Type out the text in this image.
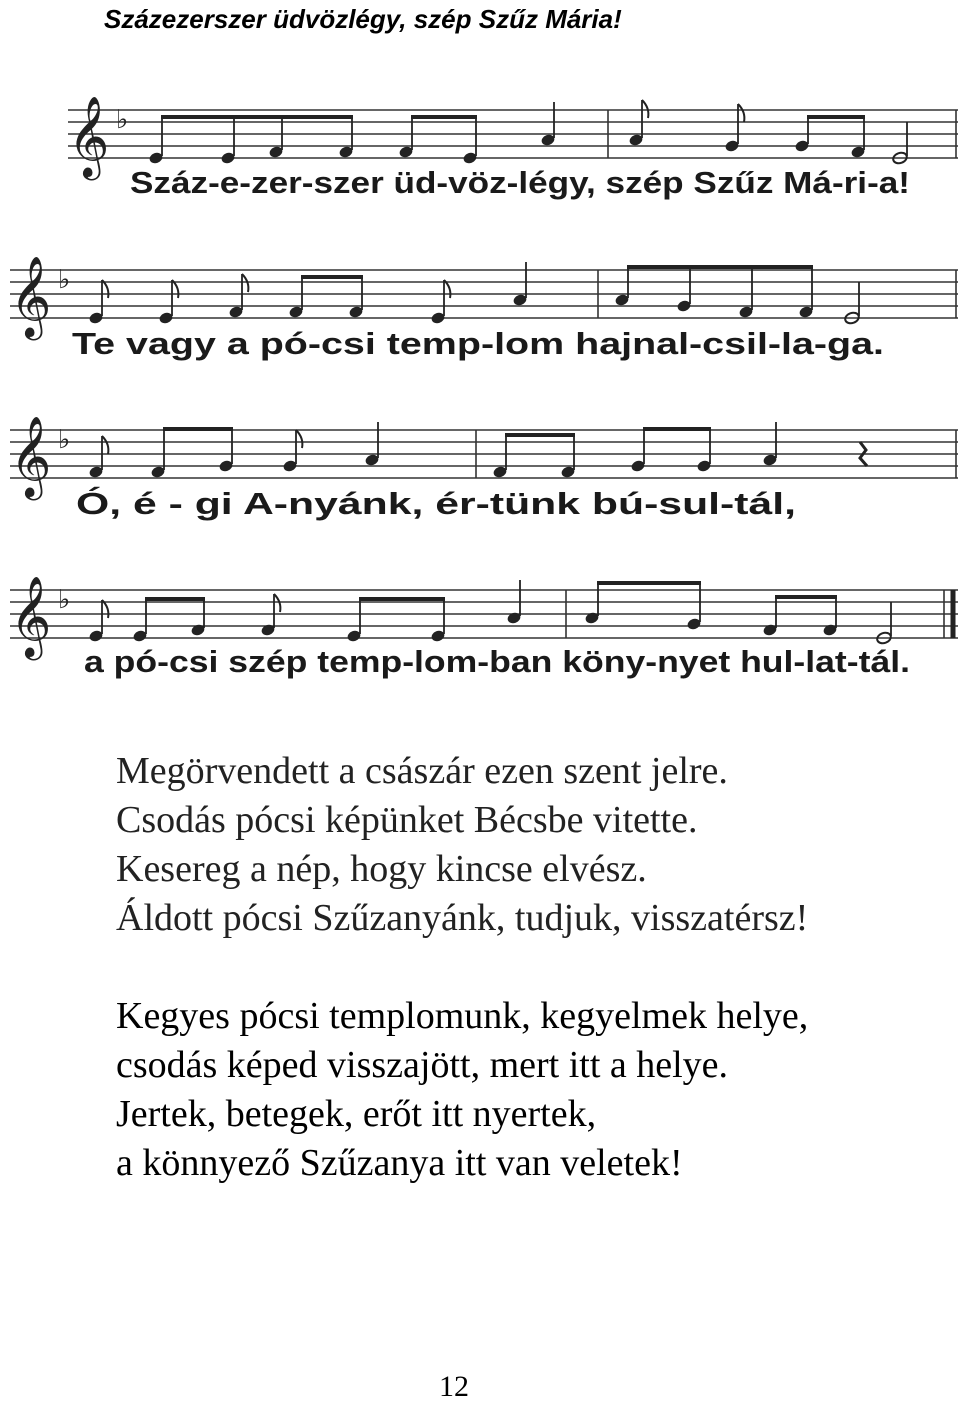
Százezerszer üdvözlégy, szép Szűz Mária!
𝄞 ♭
Száz-e-zer-szer üd-vöz-légy, szép Szűz Má-ri-a!
𝄞 ♭
Te vagy a pó-csi temp-lom hajnal-csil-la-ga.
𝄞 ♭
Ó, é - gi A-nyánk, ér-tünk bú-sul-tál,
𝄞 ♭
a pó-csi szép temp-lom-ban köny-nyet hul-lat-tál.
Megörvendett a császár ezen szent jelre.
Csodás pócsi képünket Bécsbe vitette.
Kesereg a nép, hogy kincse elvész.
Áldott pócsi Szűzanyánk, tudjuk, visszatérsz!
Kegyes pócsi templomunk, kegyelmek helye,
csodás képed visszajött, mert itt a helye.
Jertek, betegek, erőt itt nyertek,
a könnyező Szűzanya itt van veletek!
12
